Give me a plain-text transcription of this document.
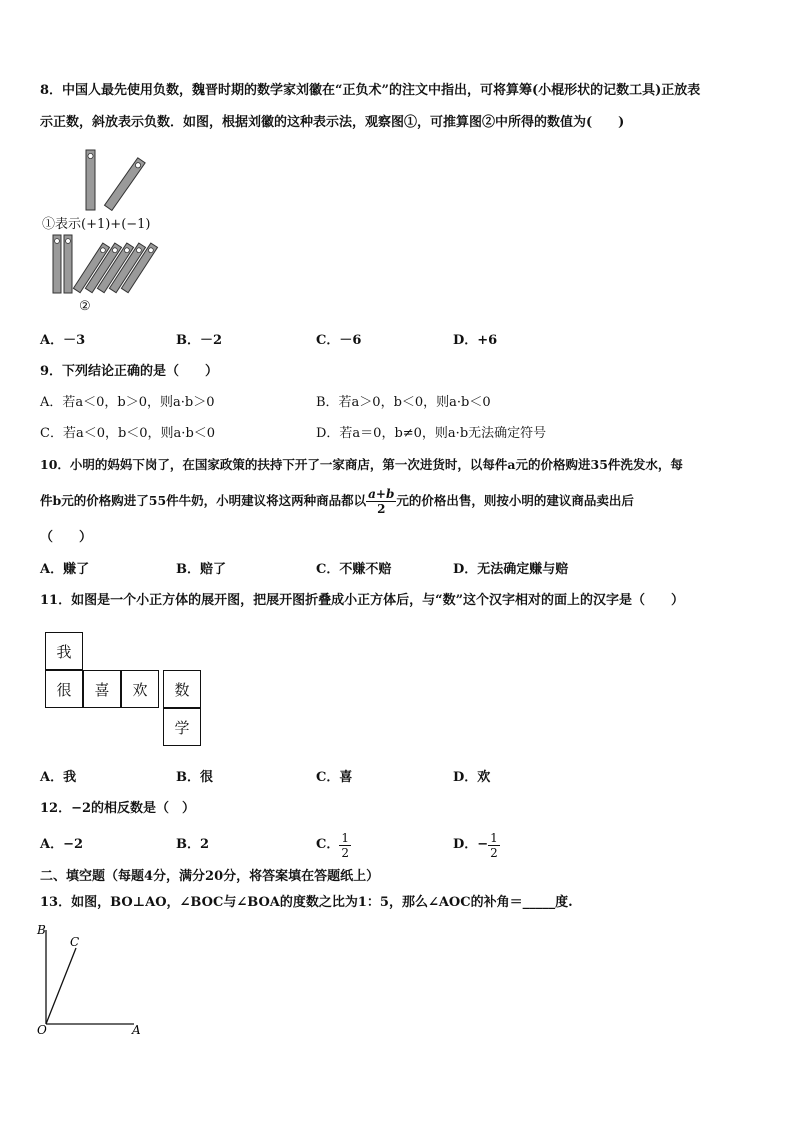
8．中国人最先使用负数，魏晋时期的数学家刘徽在“正负术”的注文中指出，可将算筹(小棍形状的记数工具)正放表
示正数，斜放表示负数．如图，根据刘徽的这种表示法，观察图①，可推算图②中所得的数值为(　　)
①表示(+1)+(−1)
②
A．－3	B．－2	C．－6	D．+6
9．下列结论正确的是（　　）
A．若a＜0，b＞0，则a·b＞0	B．若a＞0，b＜0，则a·b＜0
C．若a＜0，b＜0，则a·b＜0	D．若a＝0，b≠0，则a·b无法确定符号
10．小明的妈妈下岗了，在国家政策的扶持下开了一家商店，第一次进货时，以每件a元的价格购进35件洗发水，每
件b元的价格购进了55件牛奶，小明建议将这两种商品都以 $\frac{a+b}{2}$ 元的价格出售，则按小明的建议商品卖出后
（　　）
A．赚了	B．赔了	C．不赚不赔	D．无法确定赚与赔
11．如图是一个小正方体的展开图，把展开图折叠成小正方体后，与“数”这个汉字相对的面上的汉字是（　　）
我
很	喜	欢	数
学
A．我	B．很	C．喜	D．欢
12．−2的相反数是（　）
A．−2	B．2	C． $\frac{1}{2}$	D．− $\frac{1}{2}$
二、填空题（每题4分，满分20分，将答案填在答题纸上）
13．如图，BO⊥AO，∠BOC与∠BOA的度数之比为1：5，那么∠AOC的补角＝_____度.
B
C
O	A
